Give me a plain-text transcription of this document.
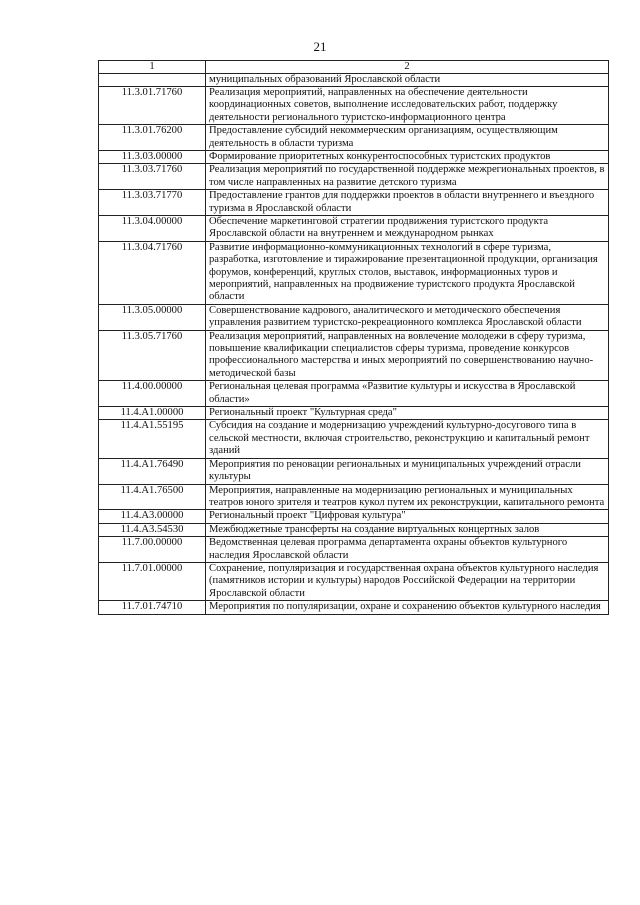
21
1	2
	муниципальных образований Ярославской области
11.3.01.71760	Реализация мероприятий, направленных на обеспечение деятельности координационных советов, выполнение исследовательских работ, поддержку деятельности регионального туристско-информационного центра
11.3.01.76200	Предоставление субсидий некоммерческим организациям, осуществляющим деятельность в области туризма
11.3.03.00000	Формирование приоритетных конкурентоспособных туристских продуктов
11.3.03.71760	Реализация мероприятий по государственной поддержке межрегиональных проектов, в том числе направленных на развитие детского туризма
11.3.03.71770	Предоставление грантов для поддержки проектов в области внутреннего и въездного туризма в Ярославской области
11.3.04.00000	Обеспечение маркетинговой стратегии продвижения туристского продукта Ярославской области на внутреннем и международном рынках
11.3.04.71760	Развитие информационно-коммуникационных технологий в сфере туризма, разработка, изготовление и тиражирование презентационной продукции, организация форумов, конференций, круглых столов, выставок, информационных туров и мероприятий, направленных на продвижение туристского продукта Ярославской области
11.3.05.00000	Совершенствование кадрового, аналитического и методического обеспечения управления развитием туристско-рекреационного комплекса Ярославской области
11.3.05.71760	Реализация мероприятий, направленных на вовлечение молодежи в сферу туризма, повышение квалификации специалистов сферы туризма, проведение конкурсов профессионального мастерства и иных мероприятий по совершенствованию научно-методической базы
11.4.00.00000	Региональная целевая программа «Развитие культуры и искусства в Ярославской области»
11.4.А1.00000	Региональный проект "Культурная среда"
11.4.А1.55195	Субсидия на создание и модернизацию учреждений культурно-досугового типа в сельской местности, включая строительство, реконструкцию и капитальный ремонт зданий
11.4.А1.76490	Мероприятия по реновации региональных и муниципальных учреждений отрасли культуры
11.4.А1.76500	Мероприятия, направленные на модернизацию региональных и муниципальных театров юного зрителя и театров кукол путем их реконструкции, капитального ремонта
11.4.А3.00000	Региональный проект "Цифровая культура"
11.4.А3.54530	Межбюджетные трансферты на создание виртуальных концертных залов
11.7.00.00000	Ведомственная целевая программа департамента охраны объектов культурного наследия Ярославской области
11.7.01.00000	Сохранение, популяризация и государственная охрана объектов культурного наследия (памятников истории и культуры) народов Российской Федерации на территории Ярославской области
11.7.01.74710	Мероприятия по популяризации, охране и сохранению объектов культурного наследия
